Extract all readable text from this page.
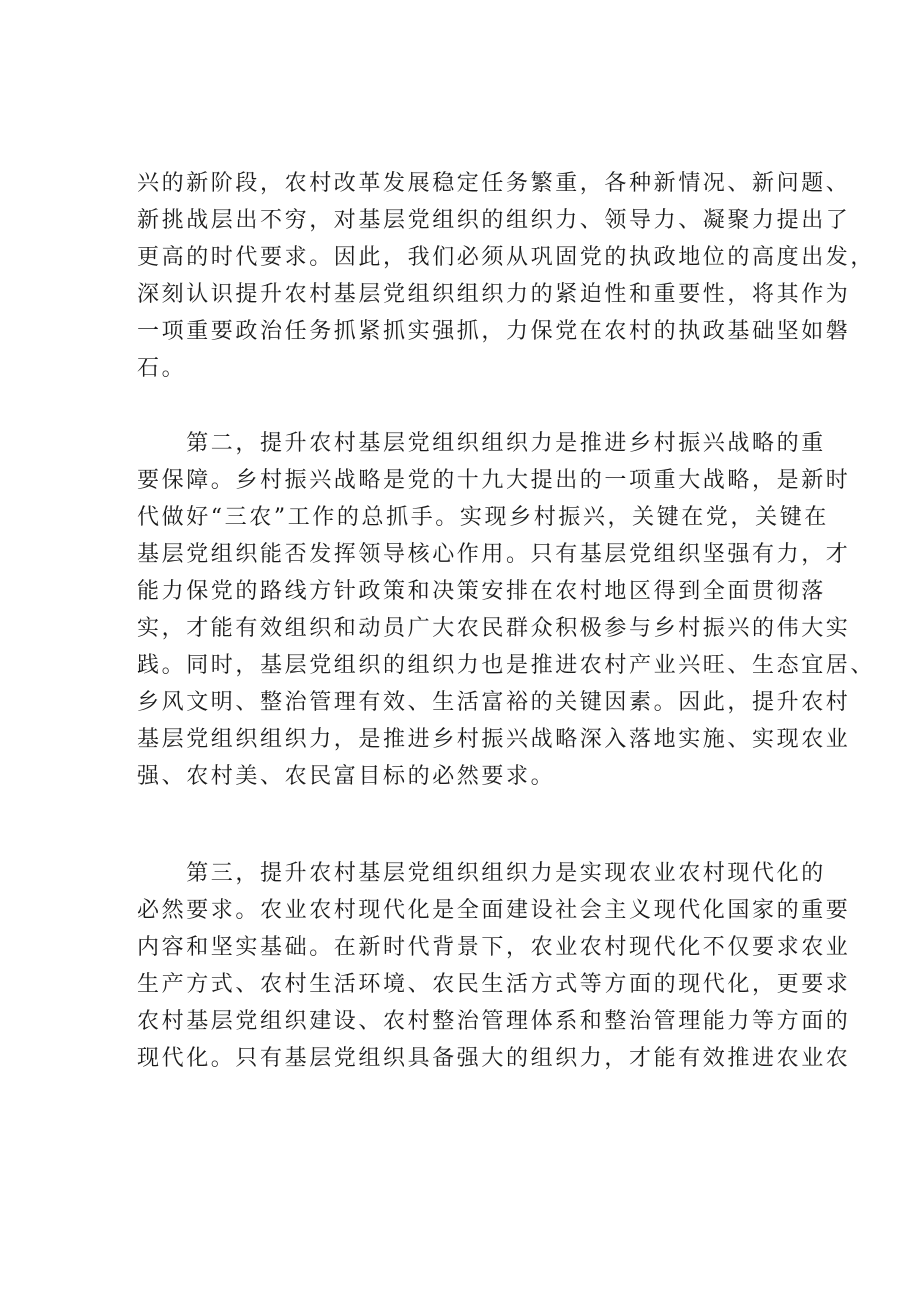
兴的新阶段，农村改革发展稳定任务繁重，各种新情况、新问题、
新挑战层出不穷，对基层党组织的组织力、领导力、凝聚力提出了
更高的时代要求。因此，我们必须从巩固党的执政地位的高度出发，
深刻认识提升农村基层党组织组织力的紧迫性和重要性，将其作为
一项重要政治任务抓紧抓实强抓，力保党在农村的执政基础坚如磐
石。
　　第二，提升农村基层党组织组织力是推进乡村振兴战略的重
要保障。乡村振兴战略是党的十九大提出的一项重大战略，是新时
代做好“三农”工作的总抓手。实现乡村振兴，关键在党，关键在
基层党组织能否发挥领导核心作用。只有基层党组织坚强有力，才
能力保党的路线方针政策和决策安排在农村地区得到全面贯彻落
实，才能有效组织和动员广大农民群众积极参与乡村振兴的伟大实
践。同时，基层党组织的组织力也是推进农村产业兴旺、生态宜居、
乡风文明、整治管理有效、生活富裕的关键因素。因此，提升农村
基层党组织组织力，是推进乡村振兴战略深入落地实施、实现农业
强、农村美、农民富目标的必然要求。
　　第三，提升农村基层党组织组织力是实现农业农村现代化的
必然要求。农业农村现代化是全面建设社会主义现代化国家的重要
内容和坚实基础。在新时代背景下，农业农村现代化不仅要求农业
生产方式、农村生活环境、农民生活方式等方面的现代化，更要求
农村基层党组织建设、农村整治管理体系和整治管理能力等方面的
现代化。只有基层党组织具备强大的组织力，才能有效推进农业农
